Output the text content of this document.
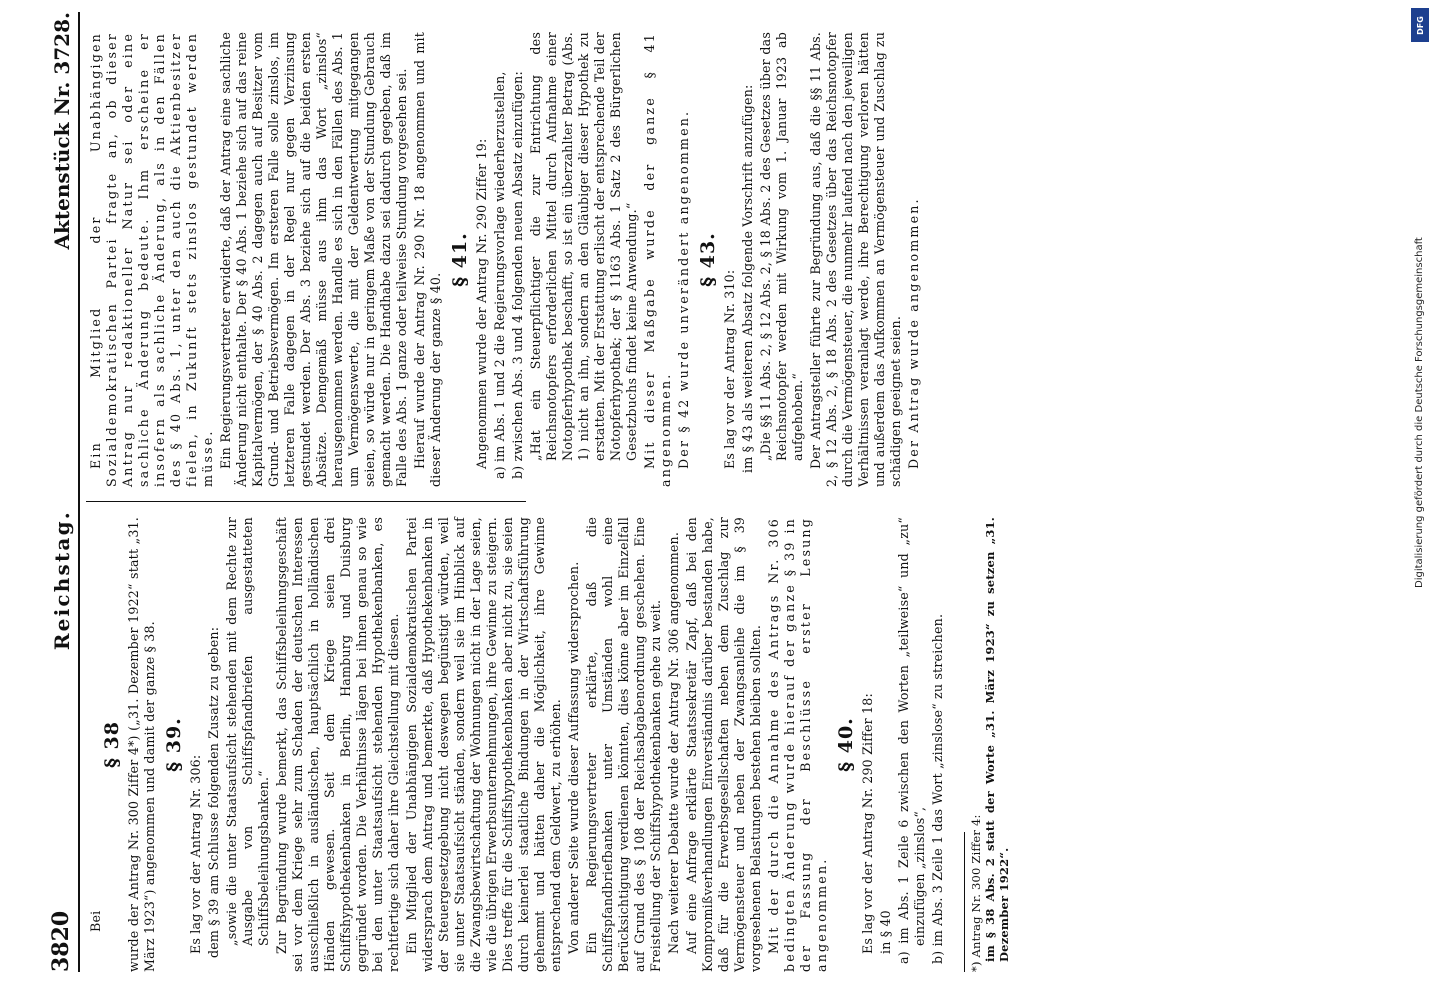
3820
Reichstag.
Aktenstück Nr. 3728.

Bei

§ 38 wurde der Antrag Nr. 300 Ziffer 4*) („31. Dezember 1922“ statt „31. März 1923“) angenommen und damit der ganze § 38. § 39.

Es lag vor der Antrag Nr. 306: dem § 39 am Schlusse folgenden Zusatz zu geben: „sowie die unter Staatsaufsicht stehenden mit dem Rechte zur Ausgabe von Schiffspfandbriefen ausgestatteten Schiffsbeleihungsbanken.“ Zur Begründung wurde bemerkt, das Schiffsbeleihungsgeschäft sei vor dem Kriege sehr zum Schaden der deutschen Interessen ausschließlich in ausländischen, hauptsächlich in holländischen Händen gewesen. Seit dem Kriege seien drei Schiffshypothekenbanken in Berlin, Hamburg und Duisburg gegründet worden. Die Verhältnisse lägen bei ihnen genau so wie bei den unter Staatsaufsicht stehenden Hypothekenbanken, es rechtfertige sich daher ihre Gleichstellung mit diesen. Ein Mitglied der Unabhängigen Sozialdemokratischen Partei widersprach dem Antrag und bemerkte, daß Hypothekenbanken in der Steuergesetzgebung nicht deswegen begünstigt würden, weil sie unter Staatsaufsicht ständen, sondern weil sie im Hinblick auf die Zwangsbewirtschaftung der Wohnungen nicht in der Lage seien, wie die übrigen Erwerbsunternehmungen, ihre Gewinne zu steigern. Dies treffe für die Schiffshypothekenbanken aber nicht zu, sie seien durch keinerlei staatliche Bindungen in der Wirtschaftsführung gehemmt und hätten daher die Möglichkeit, ihre Gewinne entsprechend dem Geldwert, zu erhöhen. Von anderer Seite wurde dieser Auffassung widersprochen. Ein Regierungsvertreter erklärte, daß die Schiffspfandbriefbanken unter Umständen wohl eine Berücksichtigung verdienen könnten, dies könne aber im Einzelfall auf Grund des § 108 der Reichsabgabenordnung geschehen. Eine Freistellung der Schiffshypothekenbanken gehe zu weit. Nach weiterer Debatte wurde der Antrag Nr. 306 angenommen. Auf eine Anfrage erklärte Staatssekretär Zapf, daß bei den Kompromißverhandlungen Einverständnis darüber bestanden habe, daß für die Erwerbsgesellschaften neben dem Zuschlag zur Vermögensteuer und neben der Zwangsanleihe die im § 39 vorgesehenen Belastungen bestehen bleiben sollten. Mit der durch die Annahme des Antrags Nr. 306 bedingten Änderung wurde hierauf der ganze § 39 in der Fassung der Beschlüsse erster Lesung angenommen.

§ 40. Es lag vor der Antrag Nr. 290 Ziffer 18: in § 40 a) im Abs. 1 Zeile 6 zwischen den Worten „teilweise“ und „zu“ einzufügen „zinslos“, b) im Abs. 3 Zeile 1 das Wort „zinslose“ zu streichen. *) Antrag Nr. 300 Ziffer 4: im § 38 Abs. 2 statt der Worte „31. März 1923“ zu setzen „31. Dezember 1922“.

Ein Mitglied der Unabhängigen Sozialdemokratischen Partei fragte an, ob dieser Antrag nur redaktioneller Natur sei oder eine sachliche Änderung bedeute. Ihm erscheine er insofern als sachliche Änderung, als in den Fällen des § 40 Abs. 1, unter den auch die Aktienbesitzer fielen, in Zukunft stets zinslos gestundet werden müsse. Ein Regierungsvertreter erwiderte, daß der Antrag eine sachliche Änderung nicht enthalte. Der § 40 Abs. 1 beziehe sich auf das reine Kapitalvermögen, der § 40 Abs. 2 dagegen auch auf Besitzer vom Grund- und Betriebsvermögen. Im ersteren Falle solle zinslos, im letzteren Falle dagegen in der Regel nur gegen Verzinsung gestundet werden. Der Abs. 3 beziehe sich auf die beiden ersten Absätze. Demgemäß müsse aus ihm das Wort „zinslos“ herausgenommen werden. Handle es sich in den Fällen des Abs. 1 um Vermögenswerte, die mit der Geldentwertung mitgegangen seien, so würde nur in geringem Maße von der Stundung Gebrauch gemacht werden. Die Handhabe dazu sei dadurch gegeben, daß im Falle des Abs. 1 ganze oder teilweise Stundung vorgesehen sei. Hierauf wurde der Antrag Nr. 290 Nr. 18 angenommen und mit dieser Änderung der ganze § 40.

§ 41. Angenommen wurde der Antrag Nr. 290 Ziffer 19: a) im Abs. 1 und 2 die Regierungsvorlage wiederherzustellen, b) zwischen Abs. 3 und 4 folgenden neuen Absatz einzufügen: „Hat ein Steuerpflichtiger die zur Entrichtung des Reichsnotopfers erforderlichen Mittel durch Aufnahme einer Notopferhypothek beschafft, so ist ein überzahlter Betrag (Abs. 1) nicht an ihn, sondern an den Gläubiger dieser Hypothek zu erstatten. Mit der Erstattung erlischt der entsprechende Teil der Notopferhypothek; der § 1163 Abs. 1 Satz 2 des Bürgerlichen Gesetzbuchs findet keine Anwendung.“ Mit dieser Maßgabe wurde der ganze § 41 angenommen. Der § 42 wurde unverändert angenommen. § 43.

Es lag vor der Antrag Nr. 310: im § 43 als weiteren Absatz folgende Vorschrift anzufügen: „Die §§ 11 Abs. 2, § 12 Abs. 2, § 18 Abs. 2 des Gesetzes über das Reichsnotopfer werden mit Wirkung vom 1. Januar 1923 ab aufgehoben.“ Der Antragsteller führte zur Begründung aus, daß die §§ 11 Abs. 2, § 12 Abs. 2, § 18 Abs. 2 des Gesetzes über das Reichsnotopfer durch die Vermögensteuer, die nunmehr laufend nach den jeweiligen Verhältnissen veranlagt werde, ihre Berechtigung verloren hätten und außerdem das Aufkommen an Vermögensteuer und Zuschlag zu schädigen geeignet seien. Der Antrag wurde angenommen.

DFG
Digitalisierung gefördert durch die Deutsche Forschungsgemeinschaft
